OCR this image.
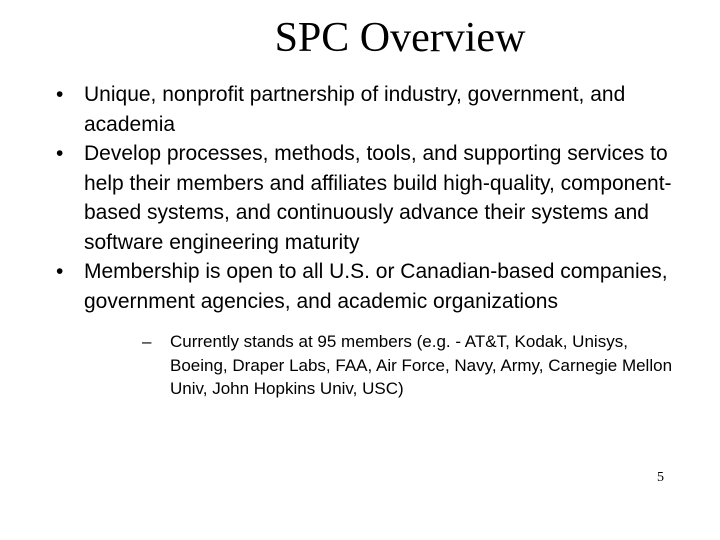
SPC Overview
• Unique, nonprofit partnership of industry, government, and academia
• Develop processes, methods, tools, and supporting services to help their members and affiliates build high-quality, component-based systems, and continuously advance their systems and software engineering maturity
• Membership is open to all U.S. or Canadian-based companies, government agencies, and academic organizations
– Currently stands at 95 members (e.g. - AT&T, Kodak, Unisys, Boeing, Draper Labs, FAA, Air Force, Navy, Army, Carnegie Mellon Univ, John Hopkins Univ, USC)
5
